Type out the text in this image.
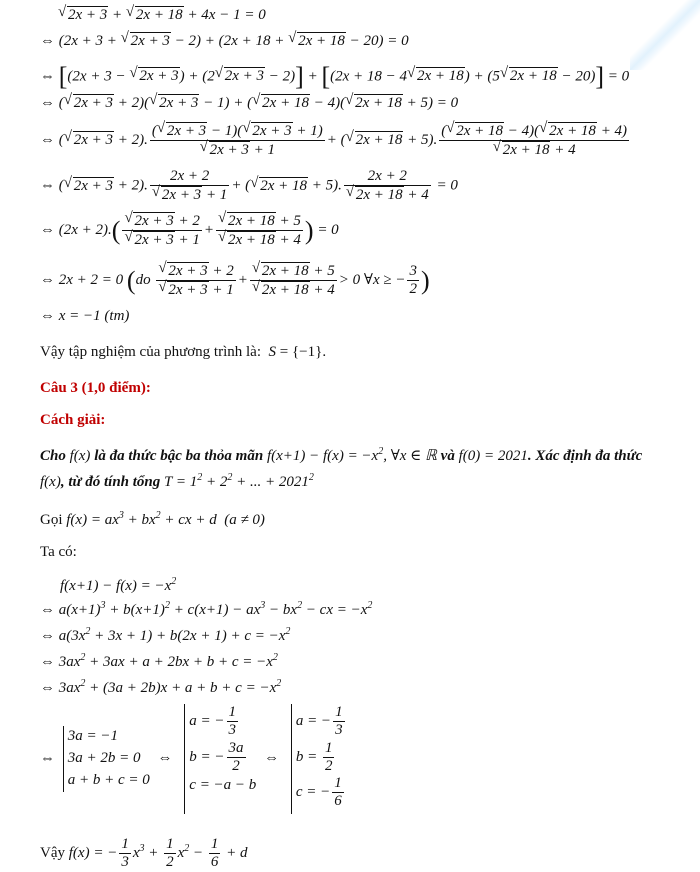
√ 2x + 3 + √ 2x + 18 + 4x − 1 = 0
⇔ (2x + 3 + √ 2x + 3 − 2) + (2x + 18 + √ 2x + 18 − 20) = 0
⇔ [(2x + 3 − √ 2x + 3) + (2 √ 2x + 3 − 2)] + [(2x + 18 − 4 √ 2x + 18) + (5 √ 2x + 18 − 20)] = 0
⇔ ( √ 2x + 3 + 2)( √ 2x + 3 − 1) + ( √ 2x + 18 − 4)( √ 2x + 18 + 5) = 0
⇔ ( √ 2x + 3 + 2). ( √ 2x + 3 − 1)( √ 2x + 3 + 1)
√ 2x + 3 + 1 + ( √ 2x + 18 + 5). ( √ 2x + 18 − 4)( √ 2x + 18 + 4)
√ 2x + 18 + 4
⇔ ( √ 2x + 3 + 2). 2x + 2
√ 2x + 3 + 1 + ( √ 2x + 18 + 5). 2x + 2
√ 2x + 18 + 4 = 0
⇔ (2x + 2).( √ 2x + 3 + 2
√ 2x + 3 + 1 + √ 2x + 18 + 5
√ 2x + 18 + 4 ) = 0
⇔ 2x + 2 = 0 (do √ 2x + 3 + 2
√ 2x + 3 + 1 + √ 2x + 18 + 5
√ 2x + 18 + 4 > 0 ∀x ≥ − $\frac{3}{2}$ )
⇔ x = −1 (tm)
Vậy tập nghiệm của phương trình là:  S = {−1}.
Câu 3 (1,0 điểm):
Cách giải:
Cho f(x) là đa thức bậc ba thỏa mãn $f(x+1) - f(x) = -x^2$, ∀x ∈ ℝ và f(0) = 2021. Xác định đa thức
f(x), từ đó tính tổng $T = 1^2 + 2^2$ + ... + $2021^2$
Gọi $f(x) = ax^3 + bx^2$ + cx + d  (a ≠ 0)
Ta có:
$f(x+1) - f(x) = -x^2$
⇔ $a(x+1)^3 + b(x+1)^2 + c(x+1) - ax^3 - bx^2$ − cx = $-x^2$
⇔ $a(3x^2 + 3x + 1) + b(2x + 1) + c = -x^2$
⇔ $3ax^2 + 3ax + a + 2bx + b + c = -x^2$
⇔ $3ax^2 + (3a + 2b)x + a + b + c = -x^2$
⇔
3a = −1
3a + 2b = 0
a + b + c = 0
⇔
a = − $\frac{1}{3}$
b = − $\frac{3a}{2}$
c = −a − b
⇔
a = − $\frac{1}{3}$
$b = \frac{1}{2}$
c = − $\frac{1}{6}$
Vậy f(x) = − $\frac{1}{3} x^3 + \frac{1}{2} x^2 - \frac{1}{6} + d$
